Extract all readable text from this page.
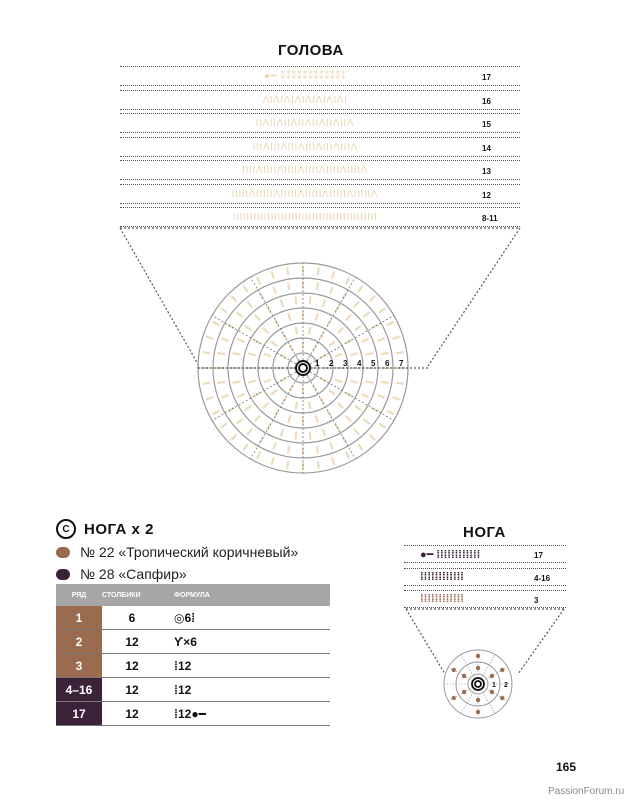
ГОЛОВА
●━ ⁑⁑⁑⁑⁑⁑⁑⁑⁑⁑⁑⁑	17
ΛⅠΛⅠΛⅠΛⅠΛⅠΛⅠΛⅠΛⅠ	16
ⅠⅠΛⅠⅠΛⅠⅠΛⅠⅠΛⅠⅠΛⅠⅠΛⅠⅠΛ	15
ⅠⅠⅠΛⅠⅠⅠΛⅠⅠⅠΛⅠⅠⅠΛⅠⅠⅠΛⅠⅠⅠΛ	14
ⅠⅠⅠⅠΛⅠⅠⅠⅠΛⅠⅠⅠⅠΛⅠⅠⅠⅠΛⅠⅠⅠⅠΛⅠⅠⅠⅠΛ	13
ⅠⅠⅠⅠⅠΛⅠⅠⅠⅠⅠΛⅠⅠⅠⅠⅠΛⅠⅠⅠⅠⅠΛⅠⅠⅠⅠⅠΛⅠⅠⅠⅠⅠΛ	12
ⅠⅠⅠⅠⅠⅠⅠⅠⅠⅠⅠⅠⅠⅠⅠⅠⅠⅠⅠⅠⅠⅠⅠⅠⅠⅠⅠⅠⅠⅠⅠⅠⅠⅠⅠⅠⅠⅠⅠⅠⅠⅠ	8-11
1 2 3 4 5 6 7
C НОГА х 2
№ 22 «Тропический коричневый»
№ 28 «Сапфир»
РЯД	СТОЛБИКИ	ФОРМУЛА
1	6	◎6⁞
2	12	ϒ×6
3	12	⁞12
4–16	12	⁞12
17	12	⁞12●━
НОГА
●━ ⁞⁞⁞⁞⁞⁞⁞⁞⁞⁞⁞⁞	17
⁞⁞⁞⁞⁞⁞⁞⁞⁞⁞⁞⁞	4-16
⁞⁞⁞⁞⁞⁞⁞⁞⁞⁞⁞⁞	3
1 2
165
PassionForum.ru
